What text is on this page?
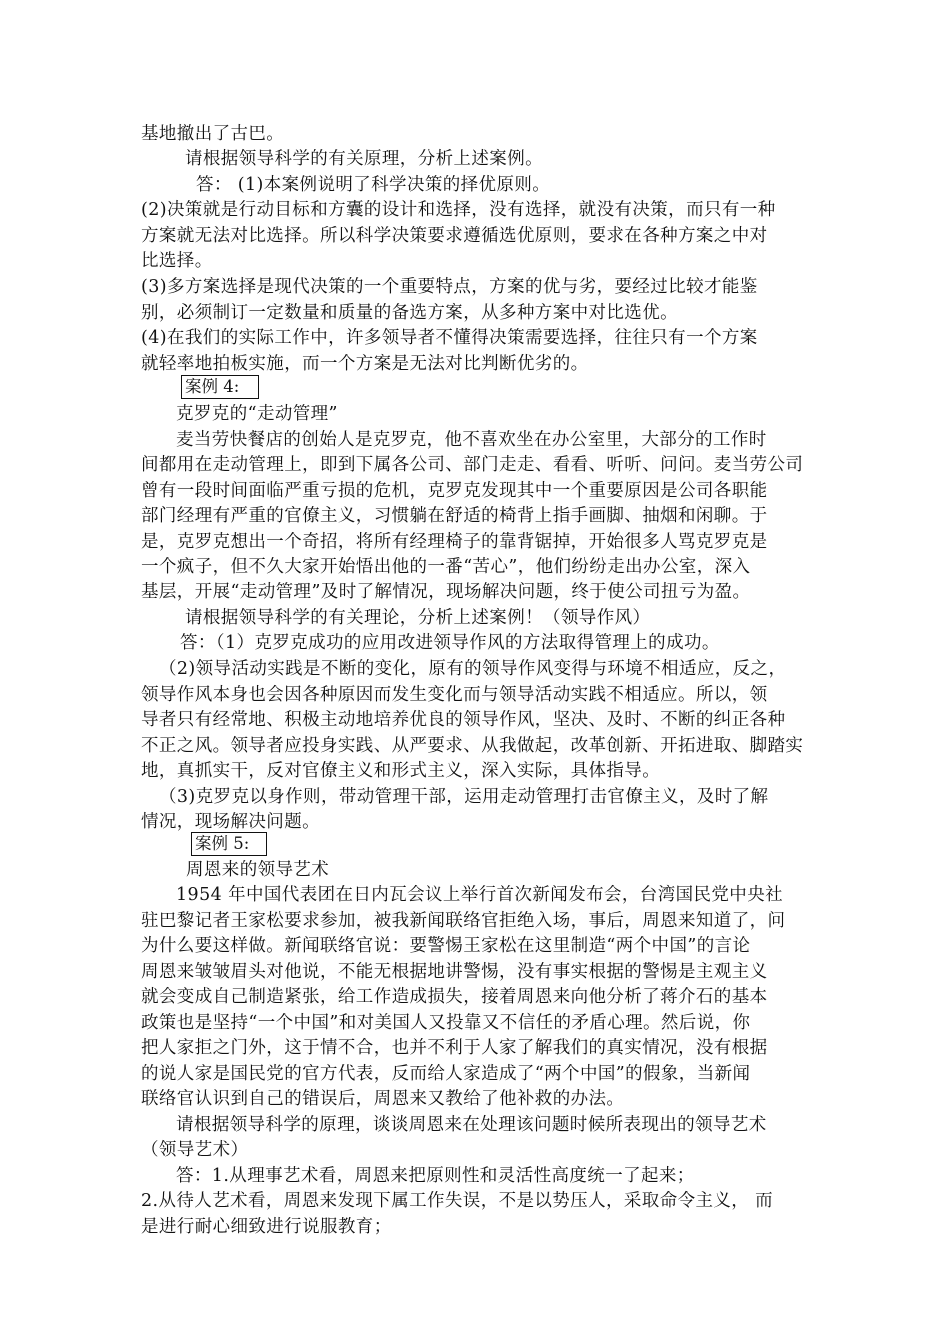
基地撤出了古巴。
请根据领导科学的有关原理，分析上述案例。
答： (1)本案例说明了科学决策的择优原则。
(2)决策就是行动目标和方囊的设计和选择，没有选择，就没有决策，而只有一种
方案就无法对比选择。所以科学决策要求遵循选优原则，要求在各种方案之中对
比选择。
(3)多方案选择是现代决策的一个重要特点，方案的优与劣，要经过比较才能鉴
别，必须制订一定数量和质量的备选方案，从多种方案中对比选优。
(4)在我们的实际工作中，许多领导者不懂得决策需要选择，往往只有一个方案
就轻率地拍板实施，而一个方案是无法对比判断优劣的。
案例 4:
克罗克的“走动管理”
麦当劳快餐店的创始人是克罗克，他不喜欢坐在办公室里，大部分的工作时
间都用在走动管理上，即到下属各公司、部门走走、看看、听听、问问。麦当劳公司
曾有一段时间面临严重亏损的危机，克罗克发现其中一个重要原因是公司各职能
部门经理有严重的官僚主义，习惯躺在舒适的椅背上指手画脚、抽烟和闲聊。于
是，克罗克想出一个奇招，将所有经理椅子的靠背锯掉，开始很多人骂克罗克是
一个疯子，但不久大家开始悟出他的一番“苦心”，他们纷纷走出办公室，深入
基层，开展“走动管理”及时了解情况，现场解决问题，终于使公司扭亏为盈。
请根据领导科学的有关理论，分析上述案例！（领导作风）
答：（1）克罗克成功的应用改进领导作风的方法取得管理上的成功。
（2)领导活动实践是不断的变化，原有的领导作风变得与环境不相适应，反之，
领导作风本身也会因各种原因而发生变化而与领导活动实践不相适应。所以，领
导者只有经常地、积极主动地培养优良的领导作风，坚决、及时、不断的纠正各种
不正之风。领导者应投身实践、从严要求、从我做起，改革创新、开拓进取、脚踏实
地，真抓实干，反对官僚主义和形式主义，深入实际，具体指导。
（3)克罗克以身作则，带动管理干部，运用走动管理打击官僚主义，及时了解
情况，现场解决问题。
案例 5:
周恩来的领导艺术
1954 年中国代表团在日内瓦会议上举行首次新闻发布会，台湾国民党中央社
驻巴黎记者王家松要求参加，被我新闻联络官拒绝入场，事后，周恩来知道了，问
为什么要这样做。新闻联络官说：要警惕王家松在这里制造“两个中国”的言论
周恩来皱皱眉头对他说，不能无根据地讲警惕，没有事实根据的警惕是主观主义
就会变成自己制造紧张，给工作造成损失，接着周恩来向他分析了蒋介石的基本
政策也是坚持“一个中国”和对美国人又投靠又不信任的矛盾心理。然后说，你
把人家拒之门外，这于情不合，也并不利于人家了解我们的真实情况，没有根据
的说人家是国民党的官方代表，反而给人家造成了“两个中国”的假象，当新闻
联络官认识到自己的错误后，周恩来又教给了他补救的办法。
请根据领导科学的原理，谈谈周恩来在处理该问题时候所表现出的领导艺术
（领导艺术）
答：1.从理事艺术看，周恩来把原则性和灵活性高度统一了起来；
2.从待人艺术看，周恩来发现下属工作失误，不是以势压人，采取命令主义， 而
是进行耐心细致进行说服教育；
